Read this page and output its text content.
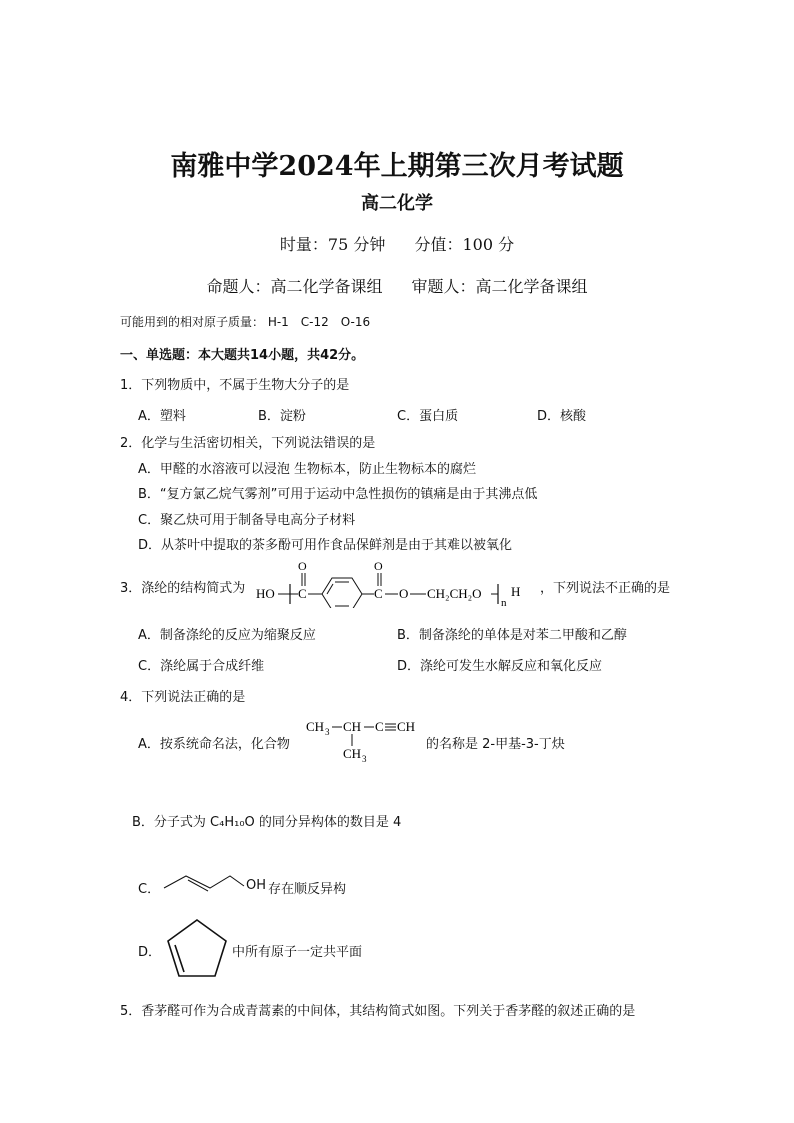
南雅中学2024年上期第三次月考试题
高二化学
时量：75 分钟 分值：100 分
命题人：高二化学备课组 审题人：高二化学备课组
可能用到的相对原子质量： H-1　C-12　O-16
一、单选题：本大题共14小题，共42分。
1．下列物质中，不属于生物大分子的是
A．塑料	B．淀粉	C．蛋白质	D．核酸
2．化学与生活密切相关，下列说法错误的是
A．甲醛的水溶液可以浸泡 生物标本，防止生物标本的腐烂
B．“复方氯乙烷气雾剂”可用于运动中急性损伤的镇痛是由于其沸点低
C．聚乙炔可用于制备导电高分子材料
D．从茶叶中提取的茶多酚可用作食品保鲜剂是由于其难以被氧化
3．涤纶的结构简式为 HO C
O
C
O
O CH₂CH₂O
n
H ，下列说法不正确的是
A．制备涤纶的反应为缩聚反应	B．制备涤纶的单体是对苯二甲酸和乙醇
C．涤纶属于合成纤维	D．涤纶可发生水解反应和氧化反应
4．下列说法正确的是
A．按系统命名法，化合物
CH 3 CH C CH
CH 3
的名称是 2-甲基-3-丁炔
B．分子式为 C₄H₁₀O 的同分异构体的数目是 4
C．	OH 存在顺反异构
D．	中所有原子一定共平面
5．香茅醛可作为合成青蒿素的中间体，其结构简式如图。下列关于香茅醛的叙述正确的是
